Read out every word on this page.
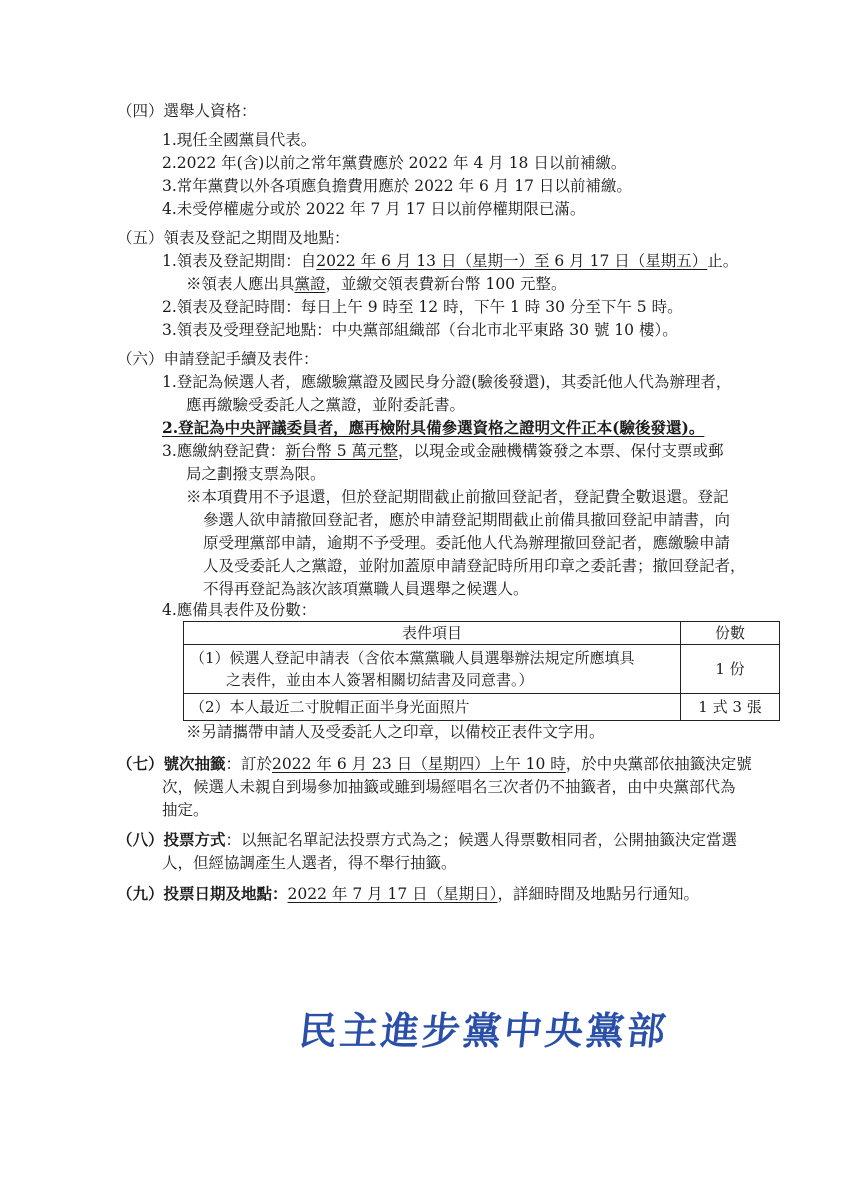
（四）選舉人資格：
1.現任全國黨員代表。
2.2022 年(含)以前之常年黨費應於 2022 年 4 月 18 日以前補繳。
3.常年黨費以外各項應負擔費用應於 2022 年 6 月 17 日以前補繳。
4.未受停權處分或於 2022 年 7 月 17 日以前停權期限已滿。
（五）領表及登記之期間及地點：
1.領表及登記期間：自2022 年 6 月 13 日（星期一）至 6 月 17 日（星期五）止。
※領表人應出具黨證，並繳交領表費新台幣 100 元整。
2.領表及登記時間：每日上午 9 時至 12 時，下午 1 時 30 分至下午 5 時。
3.領表及受理登記地點：中央黨部組織部（台北市北平東路 30 號 10 樓）。
（六）申請登記手續及表件：
1.登記為候選人者，應繳驗黨證及國民身分證(驗後發還)，其委託他人代為辦理者，
應再繳驗受委託人之黨證，並附委託書。
2.登記為中央評議委員者，應再檢附具備參選資格之證明文件正本(驗後發還)。
3.應繳納登記費：新台幣 5 萬元整，以現金或金融機構簽發之本票、保付支票或郵
局之劃撥支票為限。
※本項費用不予退還，但於登記期間截止前撤回登記者，登記費全數退還。登記
參選人欲申請撤回登記者，應於申請登記期間截止前備具撤回登記申請書，向
原受理黨部申請，逾期不予受理。委託他人代為辦理撤回登記者，應繳驗申請
人及受委託人之黨證，並附加蓋原申請登記時所用印章之委託書；撤回登記者，
不得再登記為該次該項黨職人員選舉之候選人。
4.應備具表件及份數：
表件項目	份數

（1）候選人登記申請表（含依本黨黨職人員選舉辦法規定所應填具
之表件，並由本人簽署相關切結書及同意書。）	1 份
（2）本人最近二寸脫帽正面半身光面照片	1 式 3 張
※另請攜帶申請人及受委託人之印章，以備校正表件文字用。
（七）號次抽籤：訂於2022 年 6 月 23 日（星期四）上午 10 時，於中央黨部依抽籤決定號
次，候選人未親自到場參加抽籤或雖到場經唱名三次者仍不抽籤者，由中央黨部代為
抽定。
（八）投票方式：以無記名單記法投票方式為之；候選人得票數相同者，公開抽籤決定當選
人，但經協調產生人選者，得不舉行抽籤。
（九）投票日期及地點：2022 年 7 月 17 日（星期日），詳細時間及地點另行通知。
民主進步黨中央黨部
